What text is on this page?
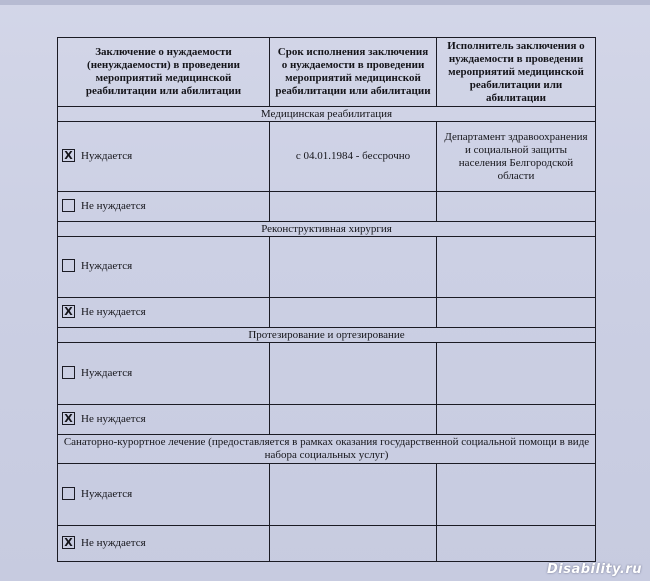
Заключение о нуждаемости (ненуждаемости) в проведении мероприятий медицинской реабилитации или абилитации	Срок исполнения заключения о нуждаемости в проведении мероприятий медицинской реабилитации или абилитации	Исполнитель заключения о нуждаемости в проведении мероприятий медицинской реабилитации или абилитации
Медицинская реабилитация		
X Нуждается	с 04.01.1984 - бессрочно	Департамент здравоохранения и социальной защиты населения Белгородской области
Не нуждается		
Реконструктивная хирургия		
Нуждается		
X Не нуждается		
Протезирование и ортезирование		
Нуждается		
X Не нуждается		
Санаторно-курортное лечение (предоставляется в рамках оказания государственной социальной помощи в виде набора социальных услуг)		
Нуждается		
X Не нуждается		
Disability.ru
